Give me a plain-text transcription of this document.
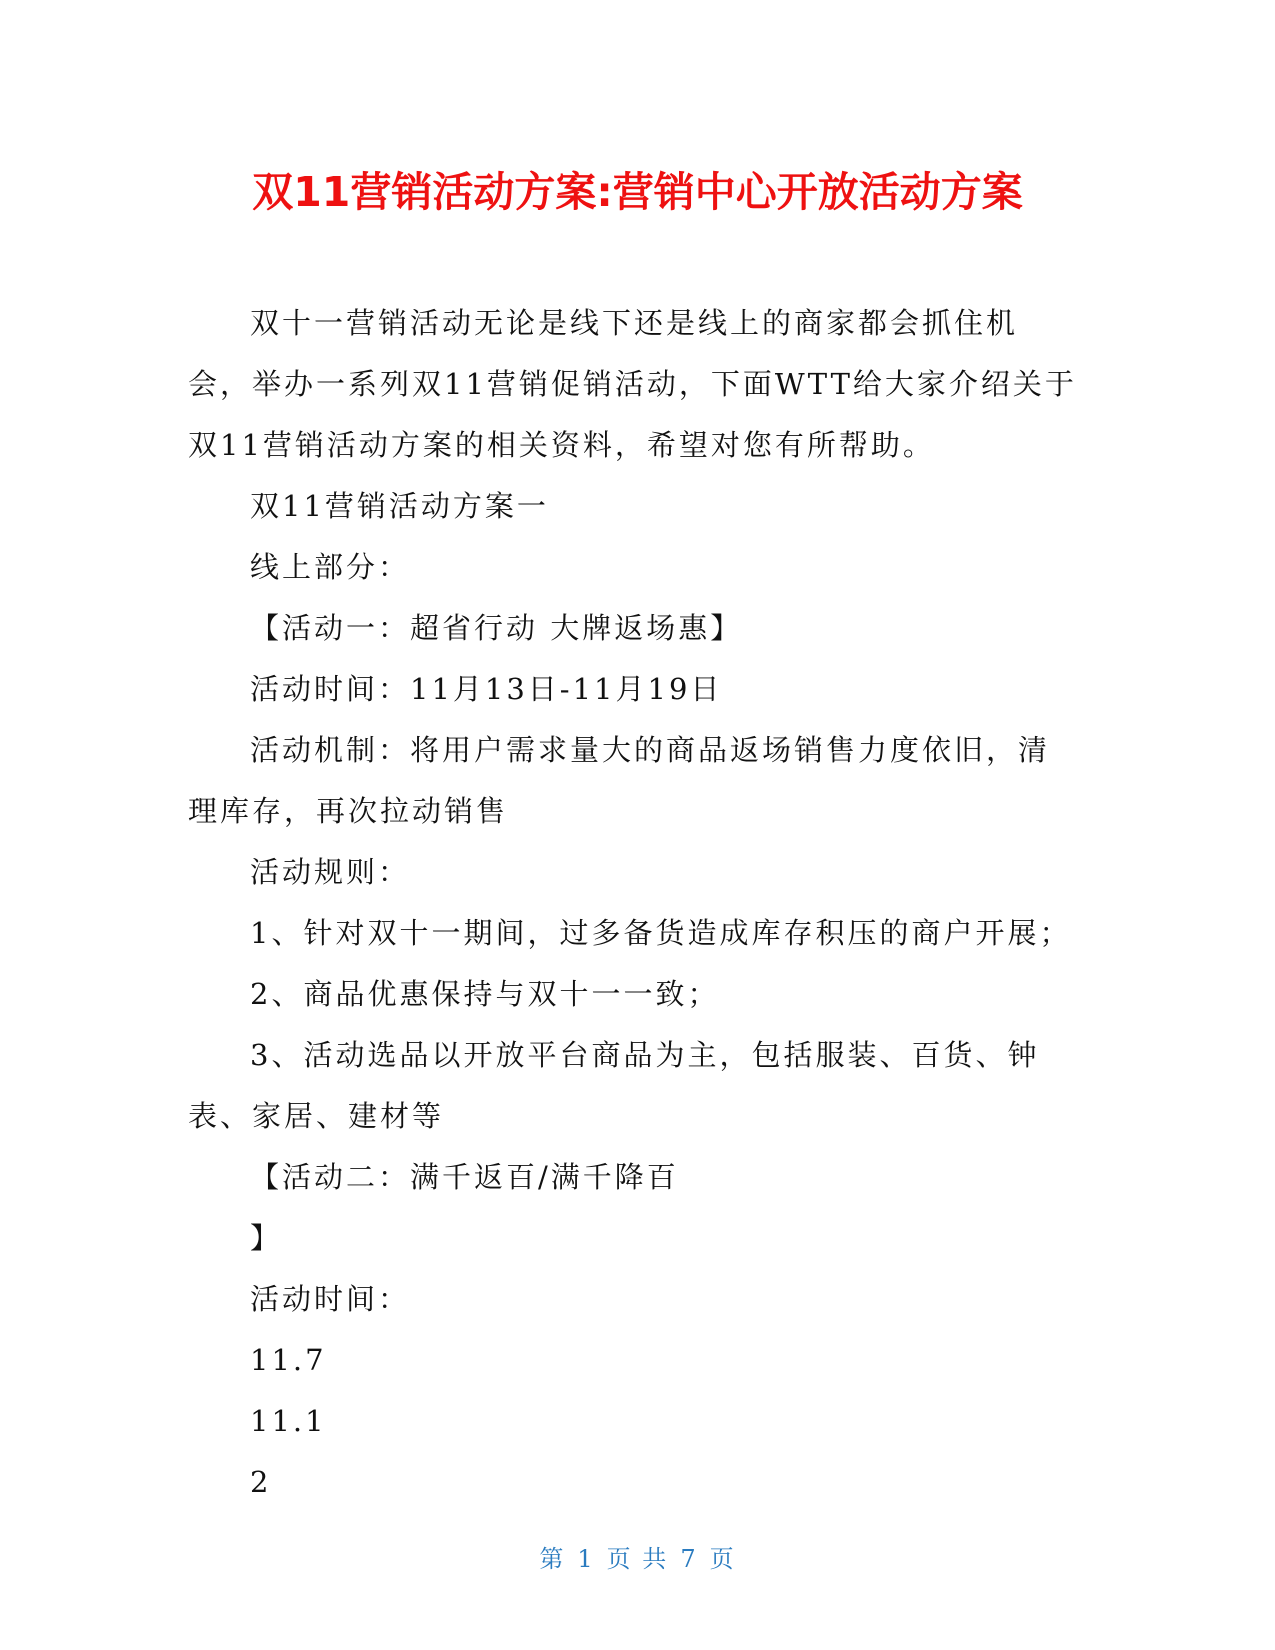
双11营销活动方案:营销中心开放活动方案

双十一营销活动无论是线下还是线上的商家都会抓住机会，举办一系列双11营销促销活动，下面WTT给大家介绍关于双11营销活动方案的相关资料，希望对您有所帮助。

双11营销活动方案一

线上部分：

【活动一：超省行动 大牌返场惠】

活动时间：11月13日-11月19日

活动机制：将用户需求量大的商品返场销售力度依旧，清理库存，再次拉动销售

活动规则：

1、针对双十一期间，过多备货造成库存积压的商户开展；

2、商品优惠保持与双十一一致；

3、活动选品以开放平台商品为主，包括服装、百货、钟表、家居、建材等

【活动二：满千返百/满千降百

】

活动时间：

11.7

11.1

2

第 1 页 共 7 页
